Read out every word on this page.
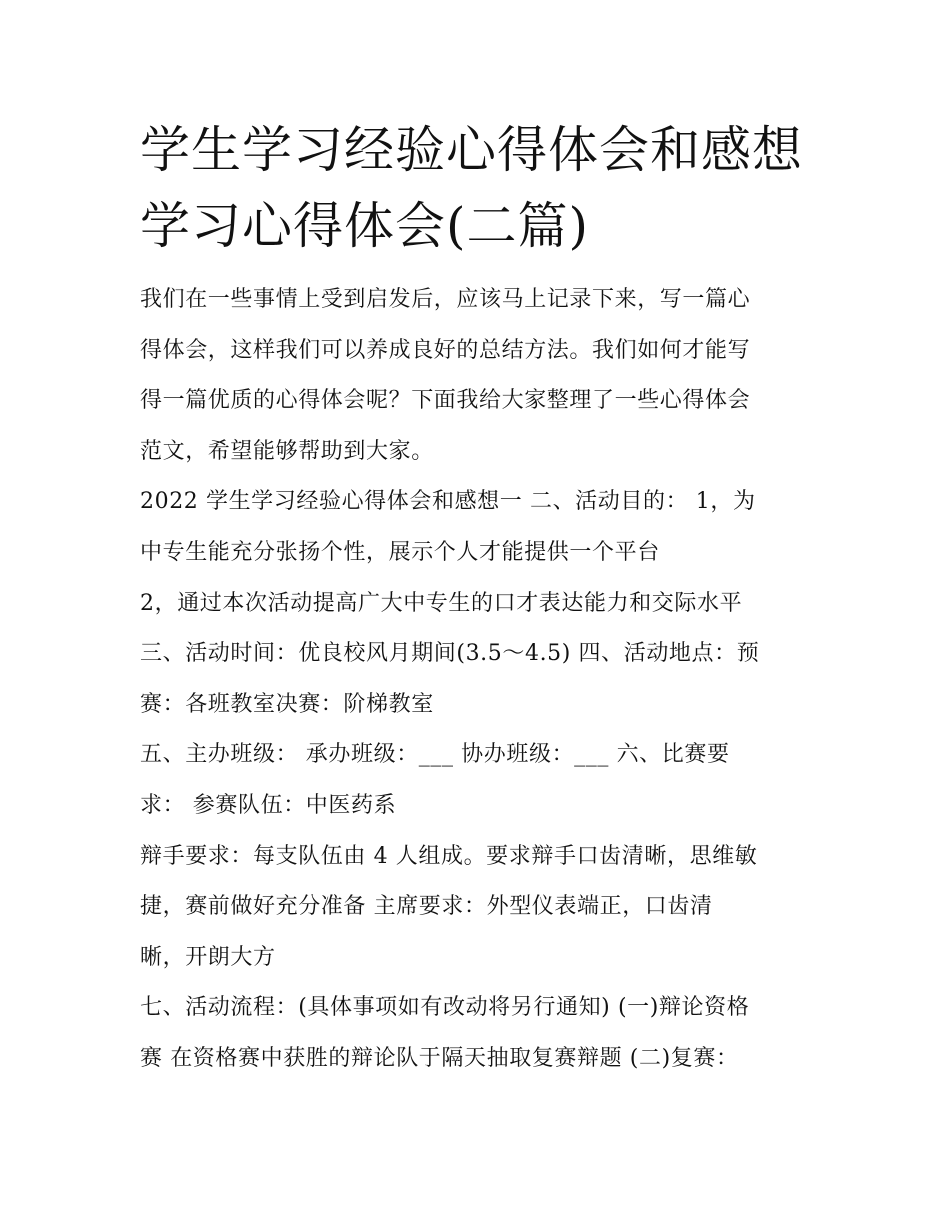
学生学习经验心得体会和感想
学习心得体会(二篇)
我们在一些事情上受到启发后，应该马上记录下来，写一篇心
得体会，这样我们可以养成良好的总结方法。我们如何才能写
得一篇优质的心得体会呢？下面我给大家整理了一些心得体会
范文，希望能够帮助到大家。
2022 学生学习经验心得体会和感想一 二、活动目的： 1，为
中专生能充分张扬个性，展示个人才能提供一个平台
2，通过本次活动提高广大中专生的口才表达能力和交际水平
三、活动时间：优良校风月期间(3.5～4.5) 四、活动地点：预
赛：各班教室决赛：阶梯教室
五、主办班级： 承办班级：___ 协办班级：___ 六、比赛要
求： 参赛队伍：中医药系
辩手要求：每支队伍由 4 人组成。要求辩手口齿清晰，思维敏
捷，赛前做好充分准备 主席要求：外型仪表端正，口齿清
晰，开朗大方
七、活动流程：(具体事项如有改动将另行通知) (一)辩论资格
赛 在资格赛中获胜的辩论队于隔天抽取复赛辩题 (二)复赛：
